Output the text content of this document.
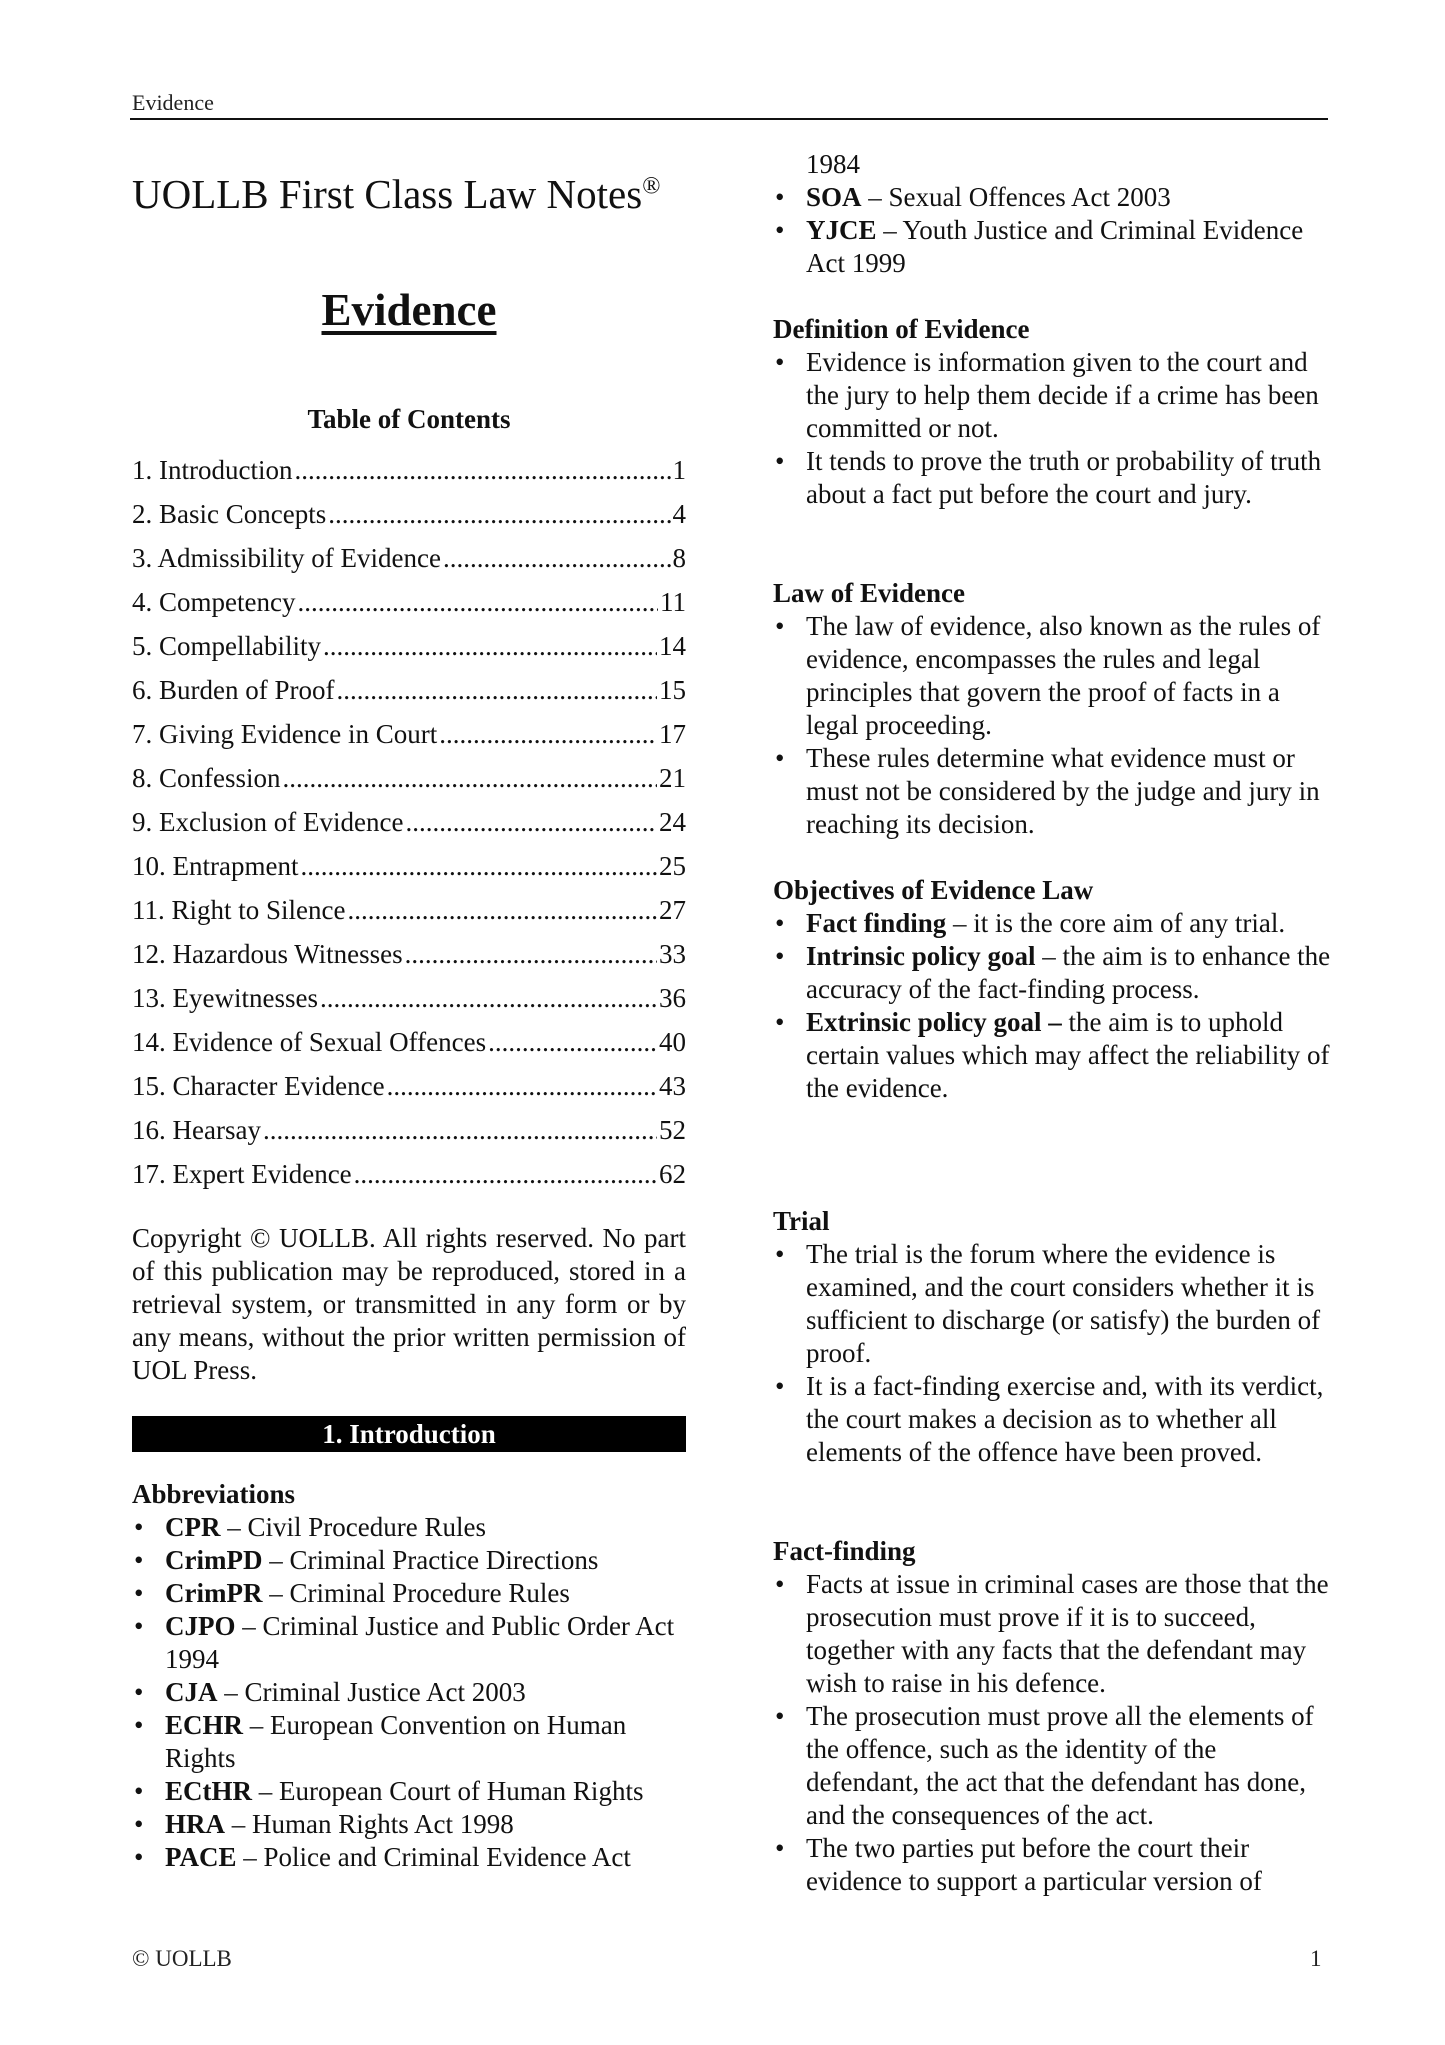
Evidence
UOLLB First Class Law Notes®
Evidence
Table of Contents
1. Introduction .....	1
2. Basic Concepts .....	4
3. Admissibility of Evidence .....	8
4. Competency .....	11
5. Compellability .....	14
6. Burden of Proof .....	15
7. Giving Evidence in Court .....	17
8. Confession .....	21
9. Exclusion of Evidence .....	24
10. Entrapment .....	25
11. Right to Silence .....	27
12. Hazardous Witnesses .....	33
13. Eyewitnesses .....	36
14. Evidence of Sexual Offences .....	40
15. Character Evidence .....	43
16. Hearsay .....	52
17. Expert Evidence .....	62

Copyright © UOLLB. All rights reserved. No part of this publication may be reproduced, stored in a retrieval system, or transmitted in any form or by any means, without the prior written permission of UOL Press.

1. Introduction

Abbreviations

• CPR – Civil Procedure Rules
• CrimPD – Criminal Practice Directions
• CrimPR – Criminal Procedure Rules
• CJPO – Criminal Justice and Public Order Act 1994
• CJA – Criminal Justice Act 2003
• ECHR – European Convention on Human Rights
• ECtHR – European Court of Human Rights
• HRA – Human Rights Act 1998
• PACE – Police and Criminal Evidence Act
1984
• SOA – Sexual Offences Act 2003
• YJCE – Youth Justice and Criminal Evidence Act 1999

Definition of Evidence

• Evidence is information given to the court and the jury to help them decide if a crime has been committed or not.
• It tends to prove the truth or probability of truth about a fact put before the court and jury.

Law of Evidence

• The law of evidence, also known as the rules of evidence, encompasses the rules and legal principles that govern the proof of facts in a legal proceeding.
• These rules determine what evidence must or must not be considered by the judge and jury in reaching its decision.

Objectives of Evidence Law

• Fact finding – it is the core aim of any trial.
• Intrinsic policy goal – the aim is to enhance the accuracy of the fact-finding process.
• Extrinsic policy goal – the aim is to uphold certain values which may affect the reliability of the evidence.

Trial

• The trial is the forum where the evidence is examined, and the court considers whether it is sufficient to discharge (or satisfy) the burden of proof.
• It is a fact-finding exercise and, with its verdict, the court makes a decision as to whether all elements of the offence have been proved.

Fact-finding

• Facts at issue in criminal cases are those that the prosecution must prove if it is to succeed, together with any facts that the defendant may wish to raise in his defence.
• The prosecution must prove all the elements of the offence, such as the identity of the defendant, the act that the defendant has done, and the consequences of the act.
• The two parties put before the court their evidence to support a particular version of
© UOLLB	1
